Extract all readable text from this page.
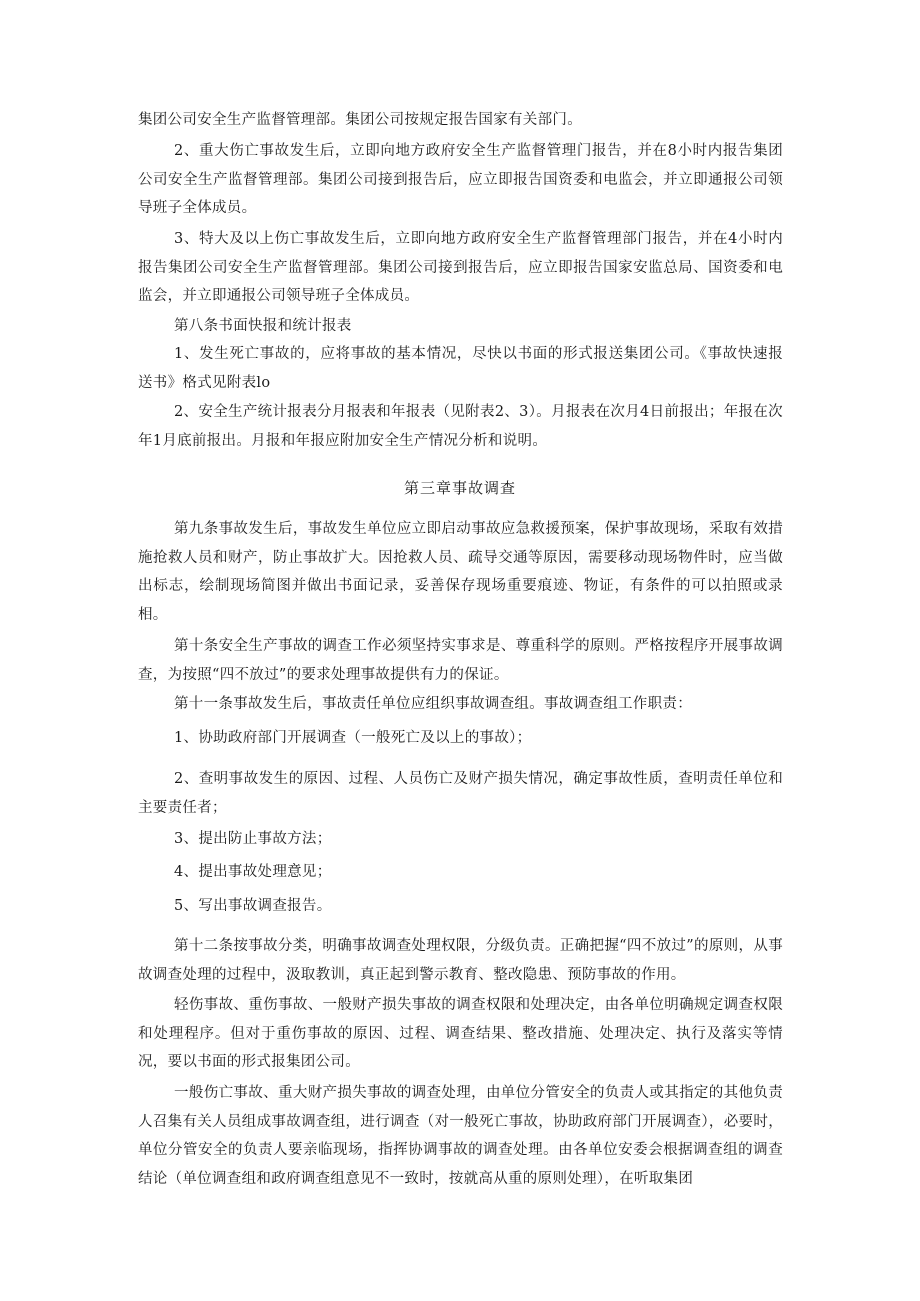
集团公司安全生产监督管理部。集团公司按规定报告国家有关部门。
2、重大伤亡事故发生后，立即向地方政府安全生产监督管理门报告，并在8小时内报告集团公司安全生产监督管理部。集团公司接到报告后，应立即报告国资委和电监会，并立即通报公司领导班子全体成员。
3、特大及以上伤亡事故发生后，立即向地方政府安全生产监督管理部门报告，并在4小时内报告集团公司安全生产监督管理部。集团公司接到报告后，应立即报告国家安监总局、国资委和电监会，并立即通报公司领导班子全体成员。
第八条书面快报和统计报表
1、发生死亡事故的，应将事故的基本情况，尽快以书面的形式报送集团公司。《事故快速报送书》格式见附表lo
2、安全生产统计报表分月报表和年报表（见附表2、3）。月报表在次月4日前报出；年报在次年1月底前报出。月报和年报应附加安全生产情况分析和说明。
第三章事故调查
第九条事故发生后，事故发生单位应立即启动事故应急救援预案，保护事故现场，采取有效措施抢救人员和财产，防止事故扩大。因抢救人员、疏导交通等原因，需要移动现场物件时，应当做出标志，绘制现场简图并做出书面记录，妥善保存现场重要痕迹、物证，有条件的可以拍照或录相。
第十条安全生产事故的调查工作必须坚持实事求是、尊重科学的原则。严格按程序开展事故调查，为按照“四不放过”的要求处理事故提供有力的保证。
第十一条事故发生后，事故责任单位应组织事故调查组。事故调查组工作职责：
1、协助政府部门开展调查（一般死亡及以上的事故）；
2、查明事故发生的原因、过程、人员伤亡及财产损失情况，确定事故性质，查明责任单位和主要责任者；
3、提出防止事故方法；
4、提出事故处理意见；
5、写出事故调查报告。
第十二条按事故分类，明确事故调查处理权限，分级负责。正确把握“四不放过”的原则，从事故调查处理的过程中，汲取教训，真正起到警示教育、整改隐患、预防事故的作用。
轻伤事故、重伤事故、一般财产损失事故的调查权限和处理决定，由各单位明确规定调查权限和处理程序。但对于重伤事故的原因、过程、调查结果、整改措施、处理决定、执行及落实等情况，要以书面的形式报集团公司。
一般伤亡事故、重大财产损失事故的调查处理，由单位分管安全的负责人或其指定的其他负责人召集有关人员组成事故调查组，进行调查（对一般死亡事故，协助政府部门开展调查），必要时，单位分管安全的负责人要亲临现场，指挥协调事故的调查处理。由各单位安委会根据调查组的调查结论（单位调查组和政府调查组意见不一致时，按就高从重的原则处理），在听取集团
